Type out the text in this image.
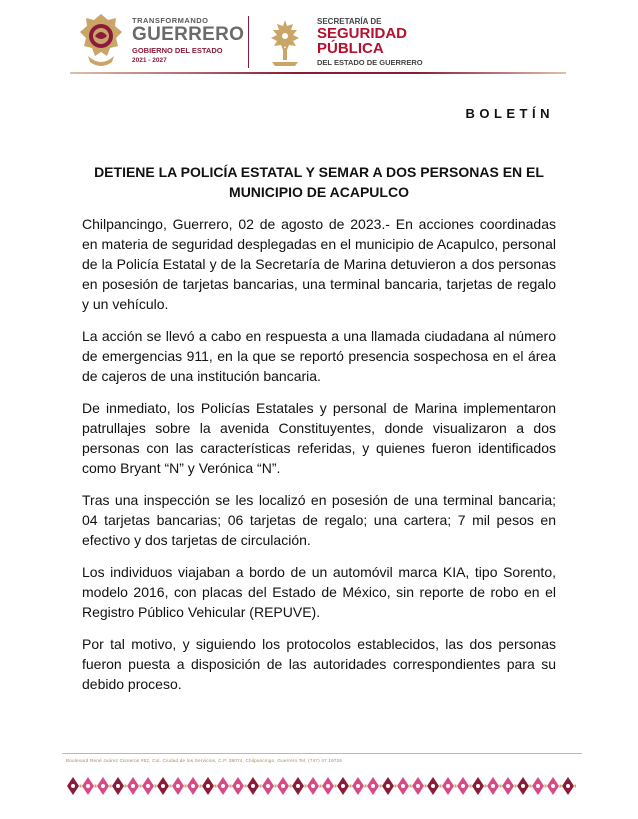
TRANSFORMANDO
GUERRERO
GOBIERNO DEL ESTADO
2021 - 2027
SECRETARÍA DE
SEGURIDAD
PÚBLICA
DEL ESTADO DE GUERRERO
BOLETÍN
DETIENE LA POLICÍA ESTATAL Y SEMAR A DOS PERSONAS EN EL MUNICIPIO DE ACAPULCO

Chilpancingo, Guerrero, 02 de agosto de 2023.- En acciones coordinadas en materia de seguridad desplegadas en el municipio de Acapulco, personal de la Policía Estatal y de la Secretaría de Marina detuvieron a dos personas en posesión de tarjetas bancarias, una terminal bancaria, tarjetas de regalo y un vehículo.

La acción se llevó a cabo en respuesta a una llamada ciudadana al número de emergencias 911, en la que se reportó presencia sospechosa en el área de cajeros de una institución bancaria.

De inmediato, los Policías Estatales y personal de Marina implementaron patrullajes sobre la avenida Constituyentes, donde visualizaron a dos personas con las características referidas, y quienes fueron identificados como Bryant “N” y Verónica “N”.

Tras una inspección se les localizó en posesión de una terminal bancaria; 04 tarjetas bancarias; 06 tarjetas de regalo; una cartera; 7 mil pesos en efectivo y dos tarjetas de circulación.

Los individuos viajaban a bordo de un automóvil marca KIA, tipo Sorento, modelo 2016, con placas del Estado de México, sin reporte de robo en el Registro Público Vehicular (REPUVE).

Por tal motivo, y siguiendo los protocolos establecidos, las dos personas fueron puesta a disposición de las autoridades correspondientes para su debido proceso.

Boulevard René Juárez Cisneros #62, Col. Ciudad de los Servicios, C.P. 39074, Chilpancingo, Guerrero Tel. (747) 47 19726
